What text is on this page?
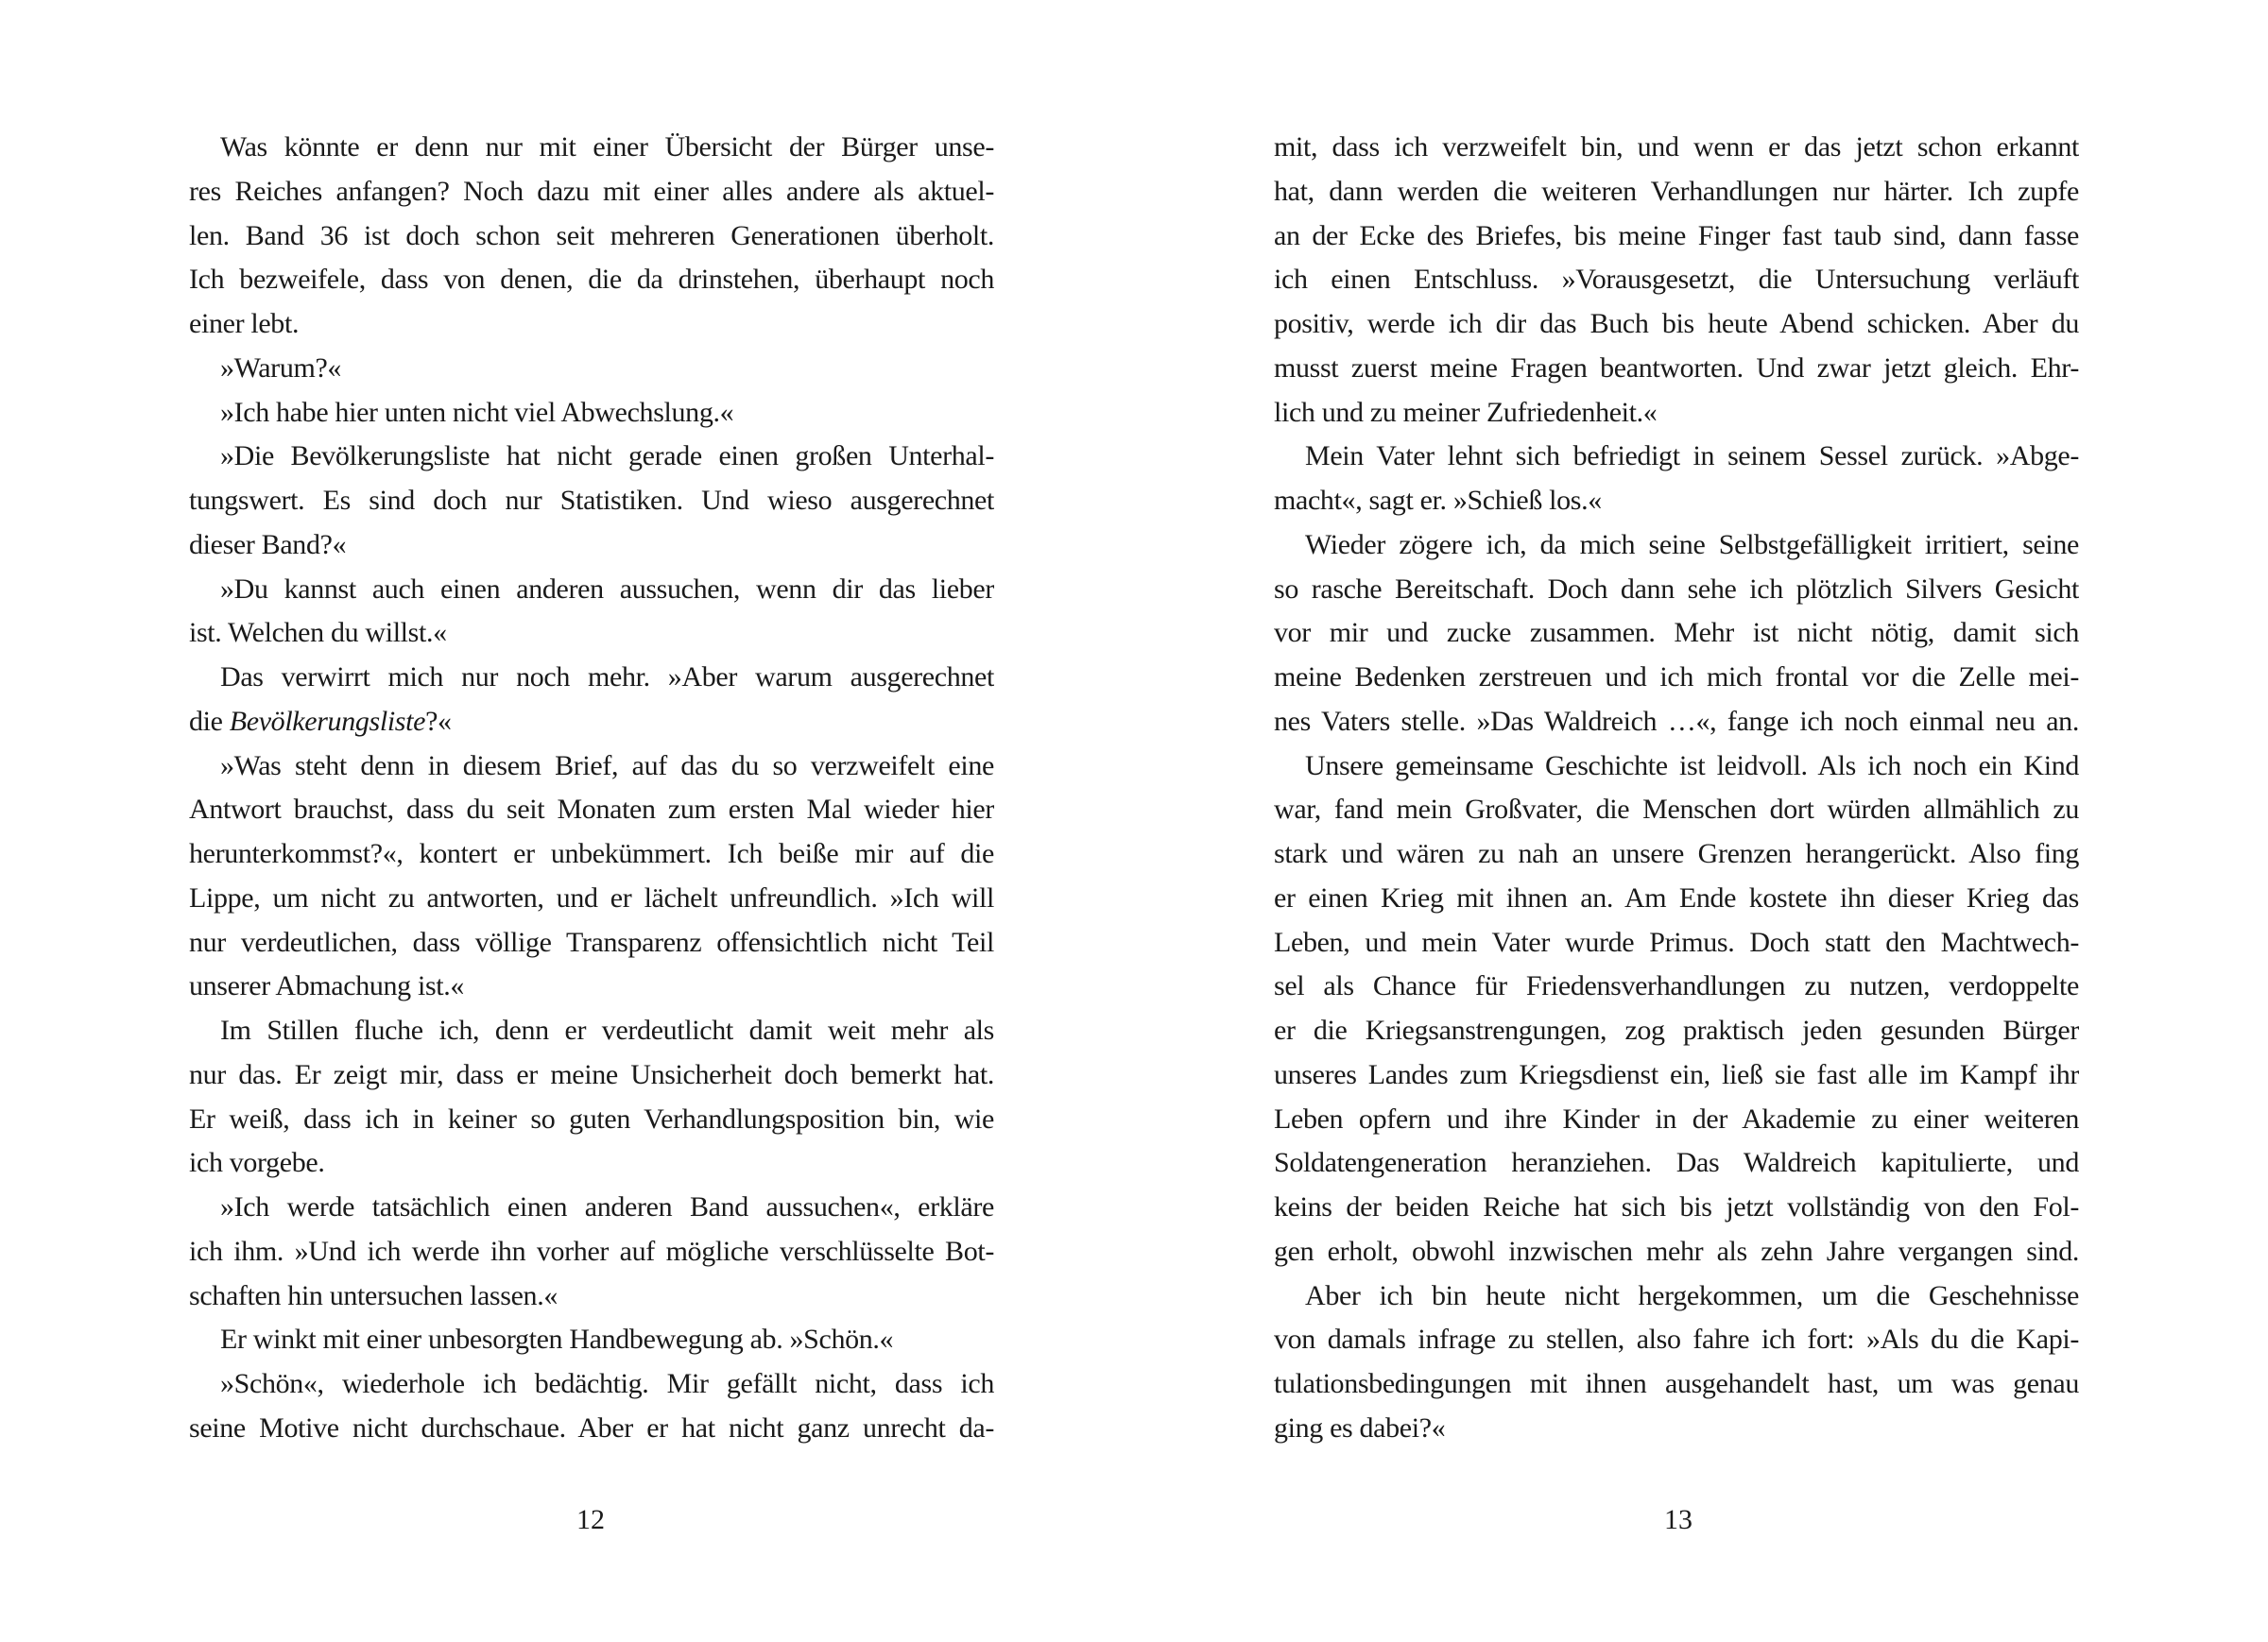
Was könnte er denn nur mit einer Übersicht der Bürger unse-
res Reiches anfangen? Noch dazu mit einer alles andere als aktuel-
len. Band 36 ist doch schon seit mehreren Generationen überholt.
Ich bezweifele, dass von denen, die da drinstehen, überhaupt noch
einer lebt.
»Warum?«
»Ich habe hier unten nicht viel Abwechslung.«
»Die Bevölkerungsliste hat nicht gerade einen großen Unterhal-
tungswert. Es sind doch nur Statistiken. Und wieso ausgerechnet
dieser Band?«
»Du kannst auch einen anderen aussuchen, wenn dir das lieber
ist. Welchen du willst.«
Das verwirrt mich nur noch mehr. »Aber warum ausgerechnet
die Bevölkerungsliste?«
»Was steht denn in diesem Brief, auf das du so verzweifelt eine
Antwort brauchst, dass du seit Monaten zum ersten Mal wieder hier
herunterkommst?«, kontert er unbekümmert. Ich beiße mir auf die
Lippe, um nicht zu antworten, und er lächelt unfreundlich. »Ich will
nur verdeutlichen, dass völlige Transparenz offensichtlich nicht Teil
unserer Abmachung ist.«
Im Stillen fluche ich, denn er verdeutlicht damit weit mehr als
nur das. Er zeigt mir, dass er meine Unsicherheit doch bemerkt hat.
Er weiß, dass ich in keiner so guten Verhandlungsposition bin, wie
ich vorgebe.
»Ich werde tatsächlich einen anderen Band aussuchen«, erkläre
ich ihm. »Und ich werde ihn vorher auf mögliche verschlüsselte Bot-
schaften hin untersuchen lassen.«
Er winkt mit einer unbesorgten Handbewegung ab. »Schön.«
»Schön«, wiederhole ich bedächtig. Mir gefällt nicht, dass ich
seine Motive nicht durchschaue. Aber er hat nicht ganz unrecht da-
12
mit, dass ich verzweifelt bin, und wenn er das jetzt schon erkannt
hat, dann werden die weiteren Verhandlungen nur härter. Ich zupfe
an der Ecke des Briefes, bis meine Finger fast taub sind, dann fasse
ich einen Entschluss. »Vorausgesetzt, die Untersuchung verläuft
positiv, werde ich dir das Buch bis heute Abend schicken. Aber du
musst zuerst meine Fragen beantworten. Und zwar jetzt gleich. Ehr-
lich und zu meiner Zufriedenheit.«
Mein Vater lehnt sich befriedigt in seinem Sessel zurück. »Abge-
macht«, sagt er. »Schieß los.«
Wieder zögere ich, da mich seine Selbstgefälligkeit irritiert, seine
so rasche Bereitschaft. Doch dann sehe ich plötzlich Silvers Gesicht
vor mir und zucke zusammen. Mehr ist nicht nötig, damit sich
meine Bedenken zerstreuen und ich mich frontal vor die Zelle mei-
nes Vaters stelle. »Das Waldreich …«, fange ich noch einmal neu an.
Unsere gemeinsame Geschichte ist leidvoll. Als ich noch ein Kind
war, fand mein Großvater, die Menschen dort würden allmählich zu
stark und wären zu nah an unsere Grenzen herangerückt. Also fing
er einen Krieg mit ihnen an. Am Ende kostete ihn dieser Krieg das
Leben, und mein Vater wurde Primus. Doch statt den Machtwech-
sel als Chance für Friedensverhandlungen zu nutzen, verdoppelte
er die Kriegsanstrengungen, zog praktisch jeden gesunden Bürger
unseres Landes zum Kriegsdienst ein, ließ sie fast alle im Kampf ihr
Leben opfern und ihre Kinder in der Akademie zu einer weiteren
Soldatengeneration heranziehen. Das Waldreich kapitulierte, und
keins der beiden Reiche hat sich bis jetzt vollständig von den Fol-
gen erholt, obwohl inzwischen mehr als zehn Jahre vergangen sind.
Aber ich bin heute nicht hergekommen, um die Geschehnisse
von damals infrage zu stellen, also fahre ich fort: »Als du die Kapi-
tulationsbedingungen mit ihnen ausgehandelt hast, um was genau
ging es dabei?«
13
